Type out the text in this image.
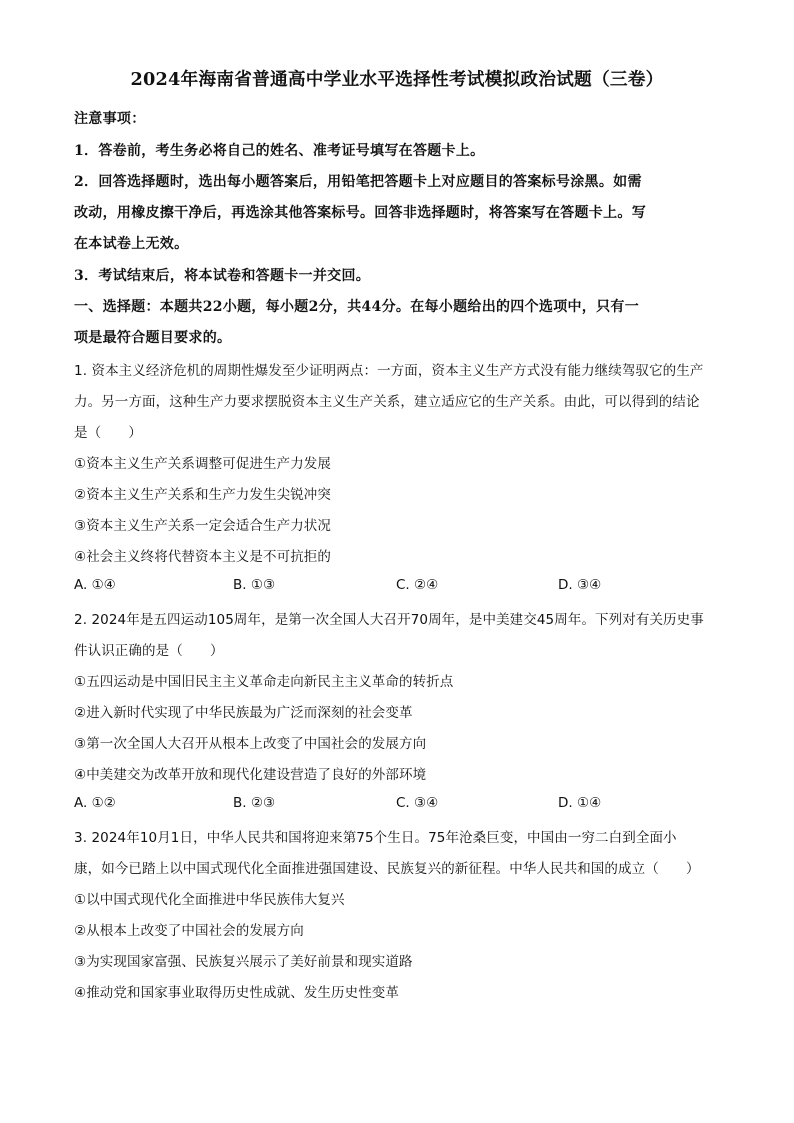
2024年海南省普通高中学业水平选择性考试模拟政治试题（三卷）
注意事项：
1．答卷前，考生务必将自己的姓名、准考证号填写在答题卡上。
2．回答选择题时，选出每小题答案后，用铅笔把答题卡上对应题目的答案标号涂黑。如需
改动，用橡皮擦干净后，再选涂其他答案标号。回答非选择题时，将答案写在答题卡上。写
在本试卷上无效。
3．考试结束后，将本试卷和答题卡一并交回。
一、选择题：本题共22小题，每小题2分，共44分。在每小题给出的四个选项中，只有一
项是最符合题目要求的。
1. 资本主义经济危机的周期性爆发至少证明两点：一方面，资本主义生产方式没有能力继续驾驭它的生产
力。另一方面，这种生产力要求摆脱资本主义生产关系，建立适应它的生产关系。由此，可以得到的结论
是（　　）
①资本主义生产关系调整可促进生产力发展
②资本主义生产关系和生产力发生尖锐冲突
③资本主义生产关系一定会适合生产力状况
④社会主义终将代替资本主义是不可抗拒的
A. ①④	B. ①③	C. ②④	D. ③④
2. 2024年是五四运动105周年，是第一次全国人大召开70周年，是中美建交45周年。下列对有关历史事
件认识正确的是（　　）
①五四运动是中国旧民主主义革命走向新民主主义革命的转折点
②进入新时代实现了中华民族最为广泛而深刻的社会变革
③第一次全国人大召开从根本上改变了中国社会的发展方向
④中美建交为改革开放和现代化建设营造了良好的外部环境
A. ①②	B. ②③	C. ③④	D. ①④
3. 2024年10月1日，中华人民共和国将迎来第75个生日。75年沧桑巨变，中国由一穷二白到全面小
康，如今已踏上以中国式现代化全面推进强国建设、民族复兴的新征程。中华人民共和国的成立（　　）
①以中国式现代化全面推进中华民族伟大复兴
②从根本上改变了中国社会的发展方向
③为实现国家富强、民族复兴展示了美好前景和现实道路
④推动党和国家事业取得历史性成就、发生历史性变革
